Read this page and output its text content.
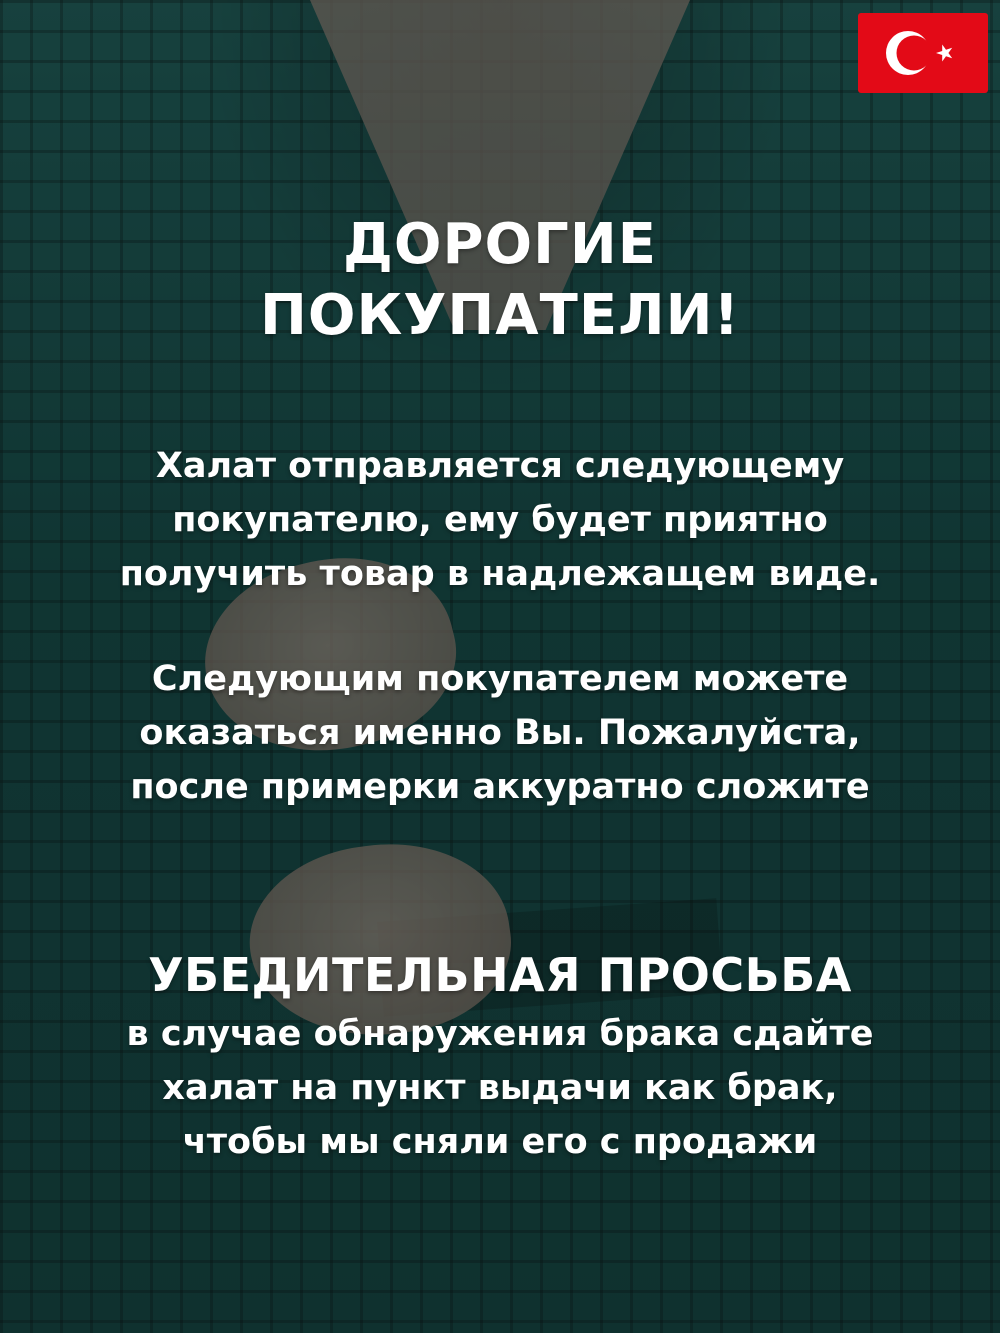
ДОРОГИЕ
ПОКУПАТЕЛИ!
Халат отправляется следующему
покупателю, ему будет приятно
получить товар в надлежащем виде.
Следующим покупателем можете
оказаться именно Вы. Пожалуйста,
после примерки аккуратно сложите
УБЕДИТЕЛЬНАЯ ПРОСЬБА
в случае обнаружения брака сдайте
халат на пункт выдачи как брак,
чтобы мы сняли его с продажи
